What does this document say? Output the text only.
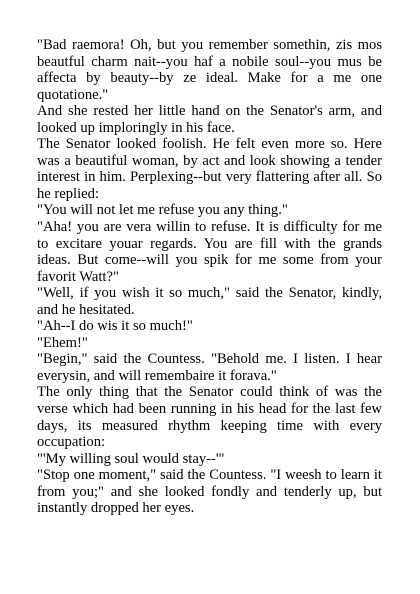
"Bad raemora! Oh, but you remember somethin, zis mos beautful charm nait--you haf a nobile soul--you mus be affecta by beauty--by ze ideal. Make for a me one quotatione."

And she rested her little hand on the Senator's arm, and looked up imploringly in his face.

The Senator looked foolish. He felt even more so. Here was a beautiful woman, by act and look showing a tender interest in him. Perplexing--but very flattering after all. So he replied:

"You will not let me refuse you any thing."

"Aha! you are vera willin to refuse. It is difficulty for me to excitare youar regards. You are fill with the grands ideas. But come--will you spik for me some from your favorit Watt?"

"Well, if you wish it so much," said the Senator, kindly, and he hesitated.

"Ah--I do wis it so much!"

"Ehem!"

"Begin," said the Countess. "Behold me. I listen. I hear everysin, and will remembaire it forava."

The only thing that the Senator could think of was the verse which had been running in his head for the last few days, its measured rhythm keeping time with every occupation:

"'My willing soul would stay--'"

"Stop one moment," said the Countess. "I weesh to learn it from you;" and she looked fondly and tenderly up, but instantly dropped her eyes.
